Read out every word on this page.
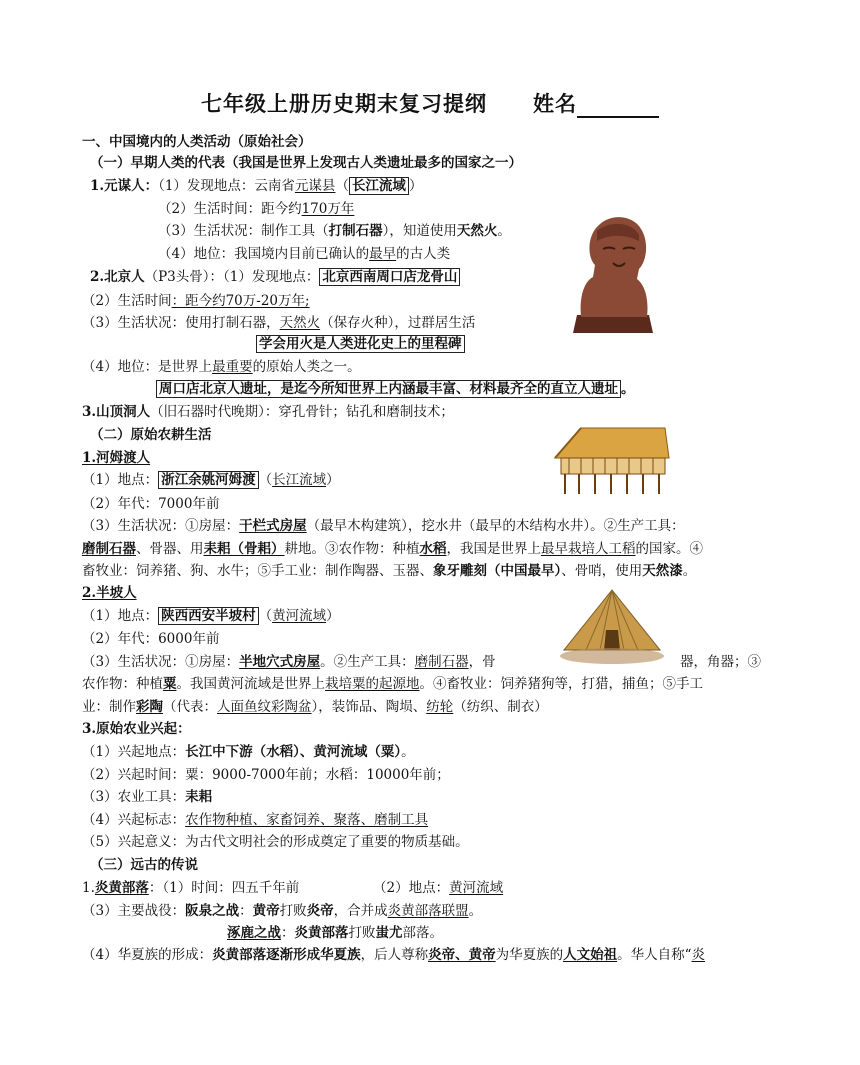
七年级上册历史期末复习提纲 姓名
一、中国境内的人类活动（原始社会）
（一）早期人类的代表（我国是世界上发现古人类遗址最多的国家之一）
1.元谋人：（1）发现地点：云南省元谋县（ 长江流域 ）
（2）生活时间：距今约170万年
（3）生活状况：制作工具（打制石器），知道使用天然火。
（4）地位：我国境内目前已确认的最早的古人类
2.北京人（P3头骨）：（1）发现地点： 北京西南周口店龙骨山
（2）生活时间：距今约70万-20万年;
（3）生活状况：使用打制石器，天然火（保存火种），过群居生活
学会用火是人类进化史上的里程碑
（4）地位：是世界上最重要的原始人类之一。
周口店北京人遗址，是迄今所知世界上内涵最丰富、材料最齐全的直立人遗址 。
3.山顶洞人（旧石器时代晚期）：穿孔骨针；钻孔和磨制技术；
（二）原始农耕生活
1.河姆渡人
（1）地点： 浙江余姚河姆渡 （长江流域）
（2）年代：7000年前
（3）生活状况：①房屋：干栏式房屋（最早木构建筑），挖水井（最早的木结构水井）。②生产工具：
磨制石器、骨器、用耒耜（骨耜）耕地。③农作物：种植水稻，我国是世界上最早栽培人工稻的国家。④
畜牧业：饲养猪、狗、水牛；⑤手工业：制作陶器、玉器、象牙雕刻（中国最早）、骨哨，使用天然漆。
2.半坡人
（1）地点： 陕西西安半坡村 （黄河流域）
（2）年代：6000年前
（3）生活状况：①房屋：半地穴式房屋。②生产工具：磨制石器，骨	器，角器；③
农作物：种植粟。我国黄河流域是世界上栽培粟的起源地。④畜牧业：饲养猪狗等，打猎，捕鱼；⑤手工
业：制作彩陶（代表：人面鱼纹彩陶盆），装饰品、陶埙、纺轮（纺织、制衣）
3.原始农业兴起：
（1）兴起地点：长江中下游（水稻）、黄河流域（粟）。
（2）兴起时间：粟：9000-7000年前；水稻：10000年前；
（3）农业工具：耒耜
（4）兴起标志：农作物种植、家畜饲养、聚落、磨制工具
（5）兴起意义：为古代文明社会的形成奠定了重要的物质基础。
（三）远古的传说
1.炎黄部落：（1）时间：四五千年前	（2）地点：黄河流域
（3）主要战役：阪泉之战：黄帝打败炎帝，合并成炎黄部落联盟。
涿鹿之战：炎黄部落打败蚩尤部落。
（4）华夏族的形成：炎黄部落逐渐形成华夏族，后人尊称炎帝、黄帝为华夏族的人文始祖。华人自称“炎
